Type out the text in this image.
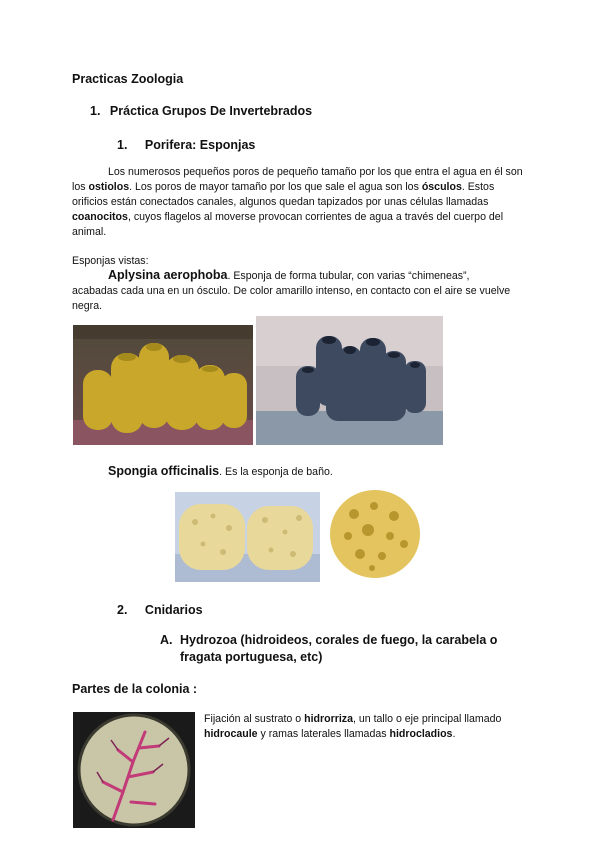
Practicas Zoologia
1. Práctica Grupos De Invertebrados
1. Porifera: Esponjas

Los numerosos pequeños poros de pequeño tamaño por los que entra el agua en él son los ostiolos. Los poros de mayor tamaño por los que sale el agua son los ósculos. Estos orificios están conectados canales, algunos quedan tapizados por unas células llamadas coanocitos, cuyos flagelos al moverse provocan corrientes de agua a través del cuerpo del animal.

Esponjas vistas:

Aplysina aerophoba. Esponja de forma tubular, con varias “chimeneas”, acabadas cada una en un ósculo. De color amarillo intenso, en contacto con el aire se vuelve negra.

Spongia officinalis. Es la esponja de baño.

2. Cnidarios
A. Hydrozoa (hidroideos, corales de fuego, la carabela o fragata portuguesa, etc)
Partes de la colonia :

Fijación al sustrato o hidrorriza, un tallo o eje principal llamado hidrocaule y ramas laterales llamadas hidrocladios.
